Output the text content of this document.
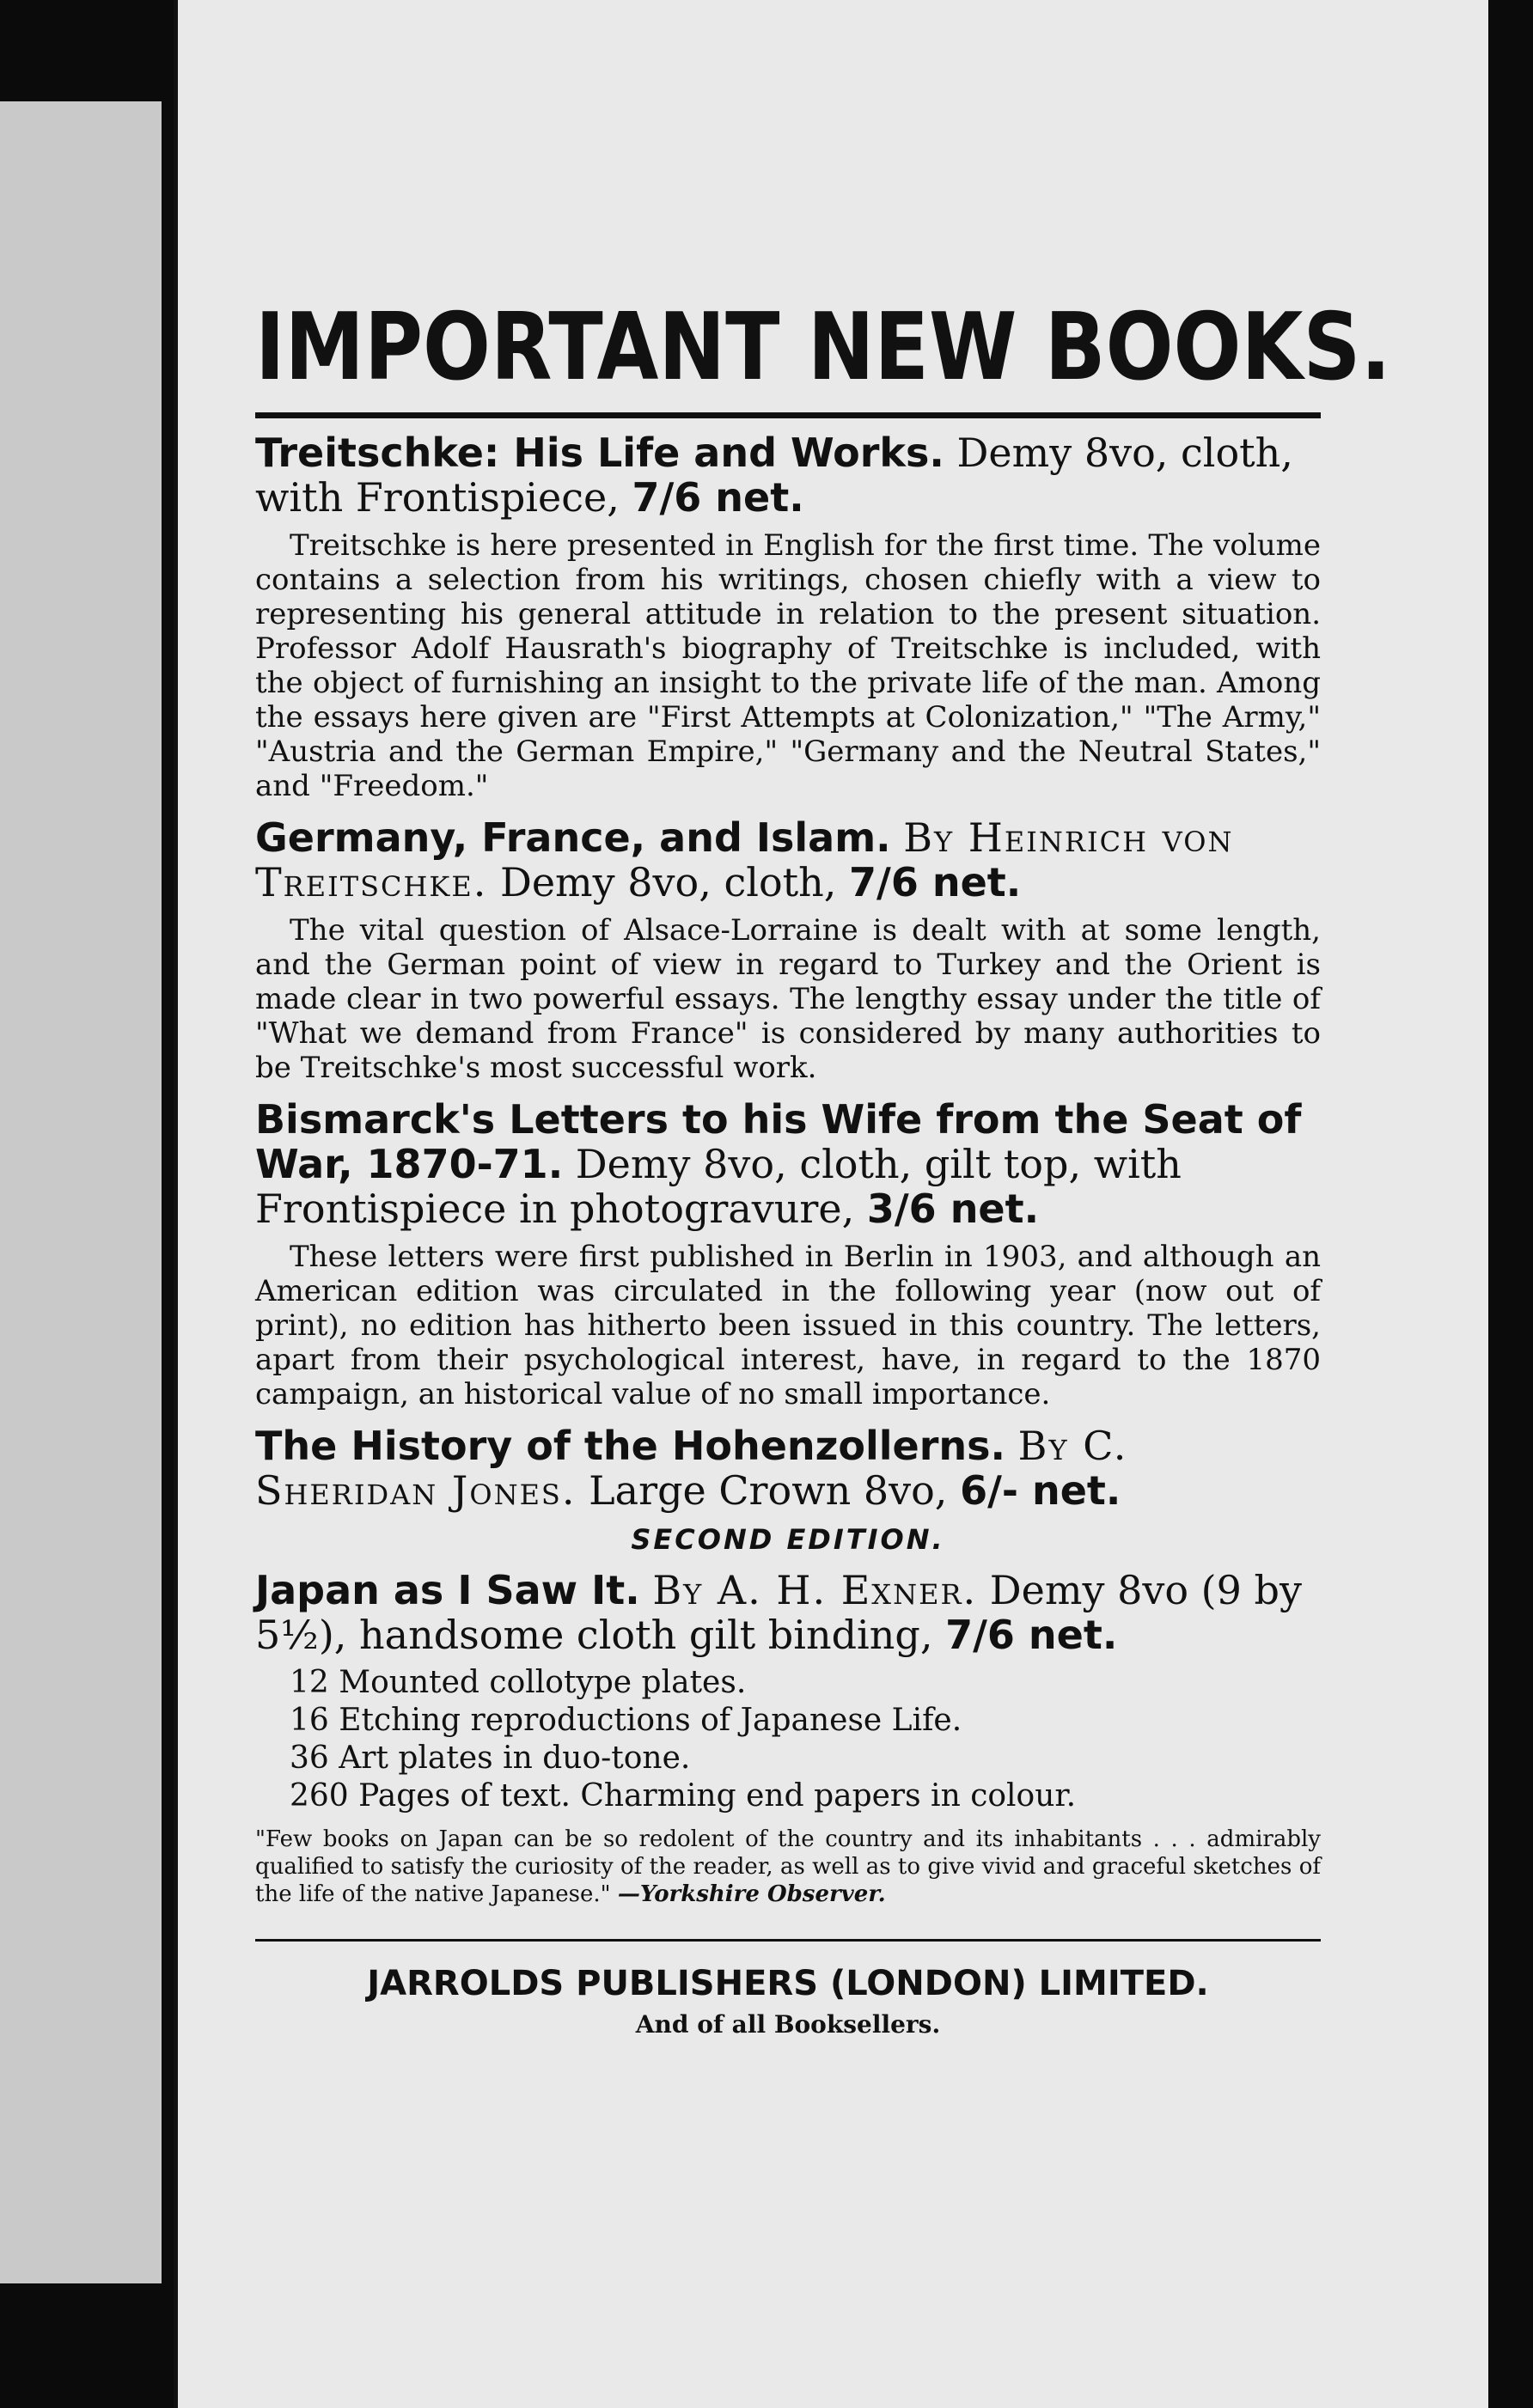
IMPORTANT NEW BOOKS.

Treitschke: His Life and Works. Demy 8vo, cloth, with Frontispiece, 7/6 net.

Treitschke is here presented in English for the first time. The volume contains a selection from his writings, chosen chiefly with a view to representing his general attitude in relation to the present situation. Professor Adolf Hausrath's biography of Treitschke is included, with the object of furnishing an insight to the private life of the man. Among the essays here given are "First Attempts at Colonization," "The Army," "Austria and the German Empire," "Germany and the Neutral States," and "Freedom."

Germany, France, and Islam. By Heinrich von Treitschke. Demy 8vo, cloth, 7/6 net.

The vital question of Alsace-Lorraine is dealt with at some length, and the German point of view in regard to Turkey and the Orient is made clear in two powerful essays. The lengthy essay under the title of "What we demand from France" is considered by many authorities to be Treitschke's most successful work.

Bismarck's Letters to his Wife from the Seat of War, 1870-71. Demy 8vo, cloth, gilt top, with Frontispiece in photogravure, 3/6 net.

These letters were first published in Berlin in 1903, and although an American edition was circulated in the following year (now out of print), no edition has hitherto been issued in this country. The letters, apart from their psychological interest, have, in regard to the 1870 campaign, an historical value of no small importance.

The History of the Hohenzollerns. By C. Sheridan Jones. Large Crown 8vo, 6/- net.

SECOND EDITION.

Japan as I Saw It. By A. H. Exner. Demy 8vo (9 by 5½), handsome cloth gilt binding, 7/6 net.

12 Mounted collotype plates.
16 Etching reproductions of Japanese Life.
36 Art plates in duo-tone.
260 Pages of text. Charming end papers in colour.

"Few books on Japan can be so redolent of the country and its inhabitants . . . admirably qualified to satisfy the curiosity of the reader, as well as to give vivid and graceful sketches of the life of the native Japanese." —Yorkshire Observer.

JARROLDS PUBLISHERS (LONDON) LIMITED.
And of all Booksellers.
